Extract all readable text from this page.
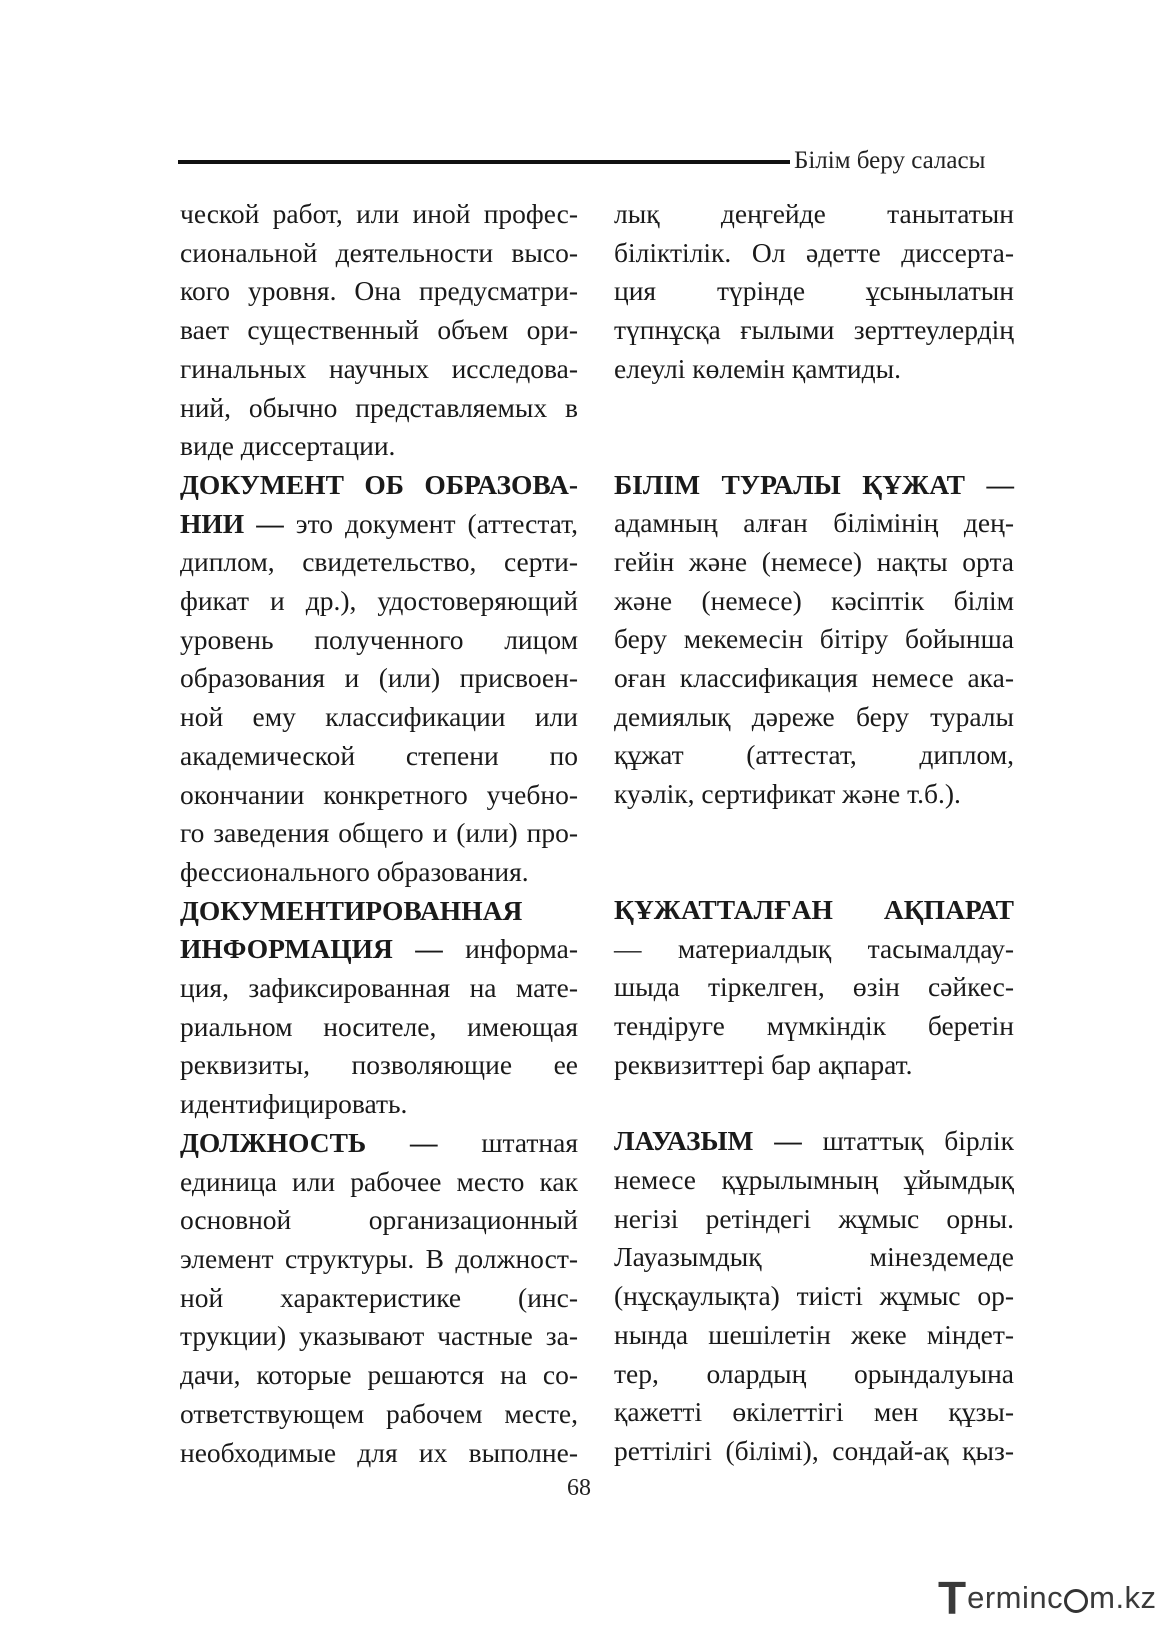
Білім беру саласы

ческой работ, или иной профес-
сиональной деятельности высо-
кого уровня. Она предусматри-
вает существенный объем ори-
гинальных научных исследова-
ний, обычно представляемых в
виде диссертации.

ДОКУМЕНТ ОБ ОБРАЗОВА-
НИИ — это документ (аттестат,
диплом, свидетельство, серти-
фикат и др.), удостоверяющий
уровень полученного лицом
образования и (или) присвоен-
ной ему классификации или
академической степени по
окончании конкретного учебно-
го заведения общего и (или) про-
фессионального образования.

ДОКУМЕНТИРОВАННАЯ
ИНФОРМАЦИЯ — информа-
ция, зафиксированная на мате-
риальном носителе, имеющая
реквизиты, позволяющие ее
идентифицировать.

ДОЛЖНОСТЬ — штатная
единица или рабочее место как
основной организационный
элемент структуры. В должност-
ной характеристике (инс-
трукции) указывают частные за-
дачи, которые решаются на со-
ответствующем рабочем месте,
необходимые для их выполне-

лық деңгейде танытатын
біліктілік. Ол әдетте диссерта-
ция түрінде ұсынылатын
түпнұсқа ғылыми зерттеулердің
елеулі көлемін қамтиды.

БІЛІМ ТУРАЛЫ ҚҰЖАТ —
адамның алған білімінің дең-
гейін және (немесе) нақты орта
және (немесе) кәсіптік білім
беру мекемесін бітіру бойынша
оған классификация немесе ака-
демиялық дәреже беру туралы
құжат (аттестат, диплом,
куәлік, сертификат және т.б.).

ҚҰЖАТТАЛҒАН АҚПАРАТ
— материалдық тасымалдау-
шыда тіркелген, өзін сәйкес-
тендіруге мүмкіндік беретін
реквизиттері бар ақпарат.

ЛАУАЗЫМ — штаттық бірлік
немесе құрылымның ұйымдық
негізі ретіндегі жұмыс орны.
Лауазымдық мінездемеде
(нұсқаулықта) тиісті жұмыс ор-
нында шешілетін жеке міндет-
тер, олардың орындалуына
қажетті өкілеттігі мен құзы-
реттілігі (білімі), сондай-ақ қыз-

68
T erminc m.kz
